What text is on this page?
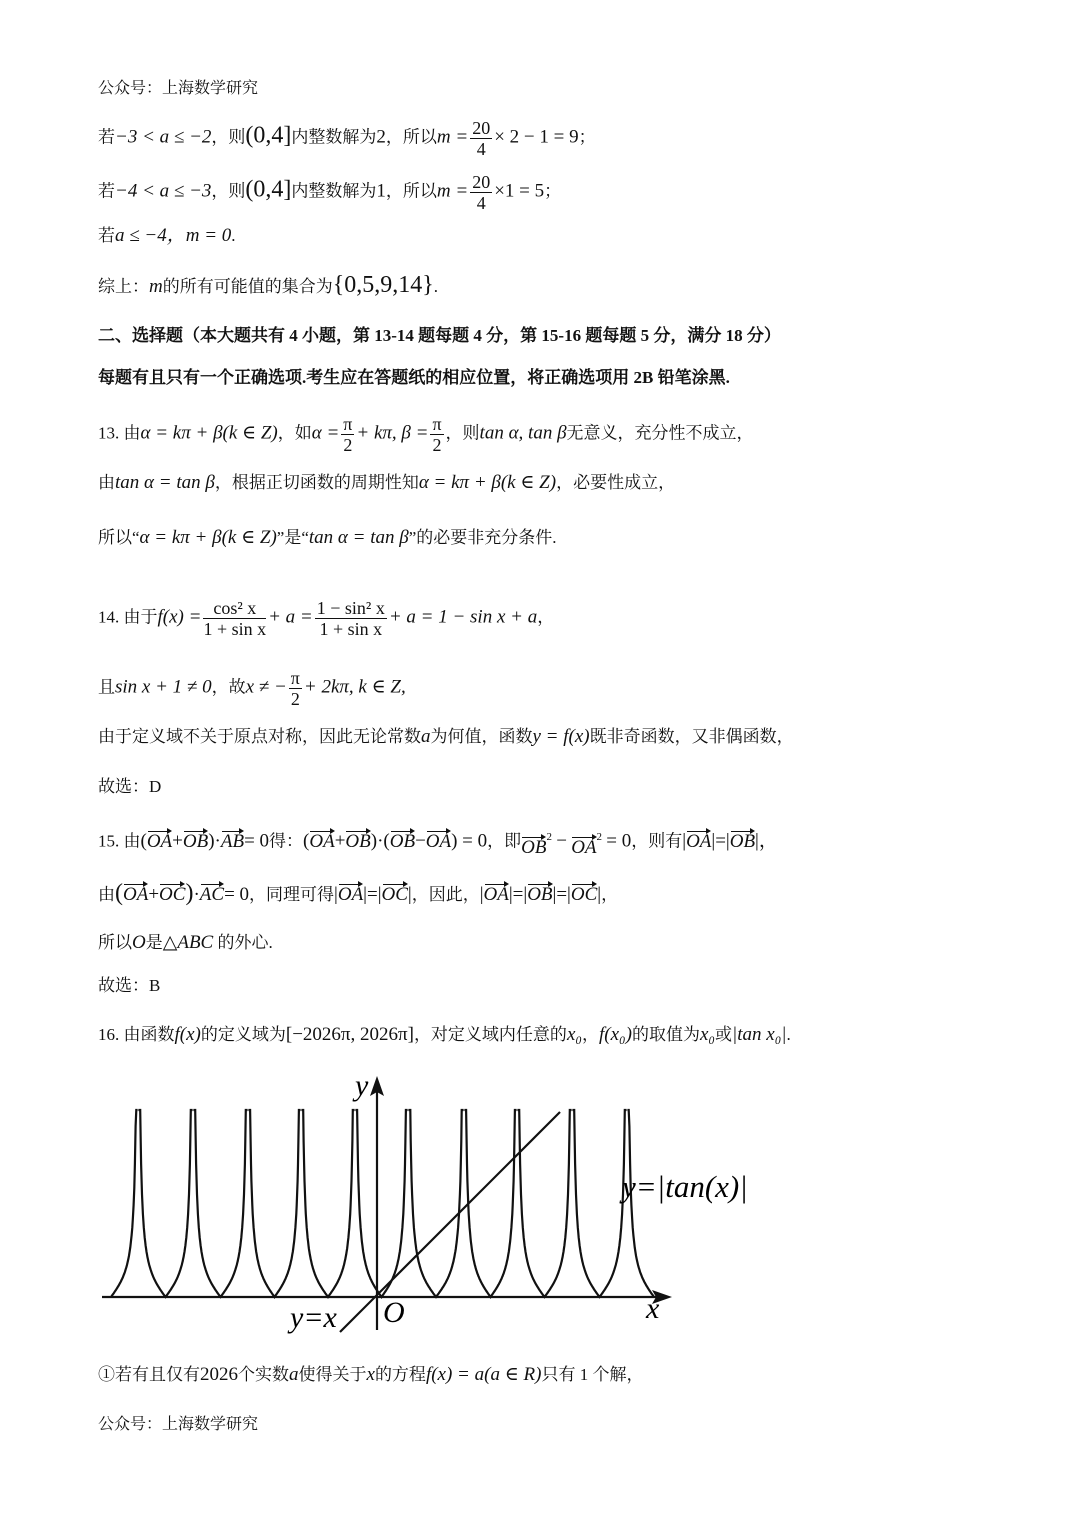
公众号：上海数学研究
若−3 < a ≤ −2，则(0,4]内整数解为2，所以$m = \frac{20}{4} \times 2 - 1 = 9$；
若−4 < a ≤ −3，则(0,4]内整数解为1，所以$m = \frac{20}{4} \times 1 = 5$；
若a ≤ −4，m = 0.
综上：m的所有可能值的集合为{0,5,9,14}.
二、选择题（本大题共有 4 小题，第 13-14 题每题 4 分，第 15-16 题每题 5 分，满分 18 分）
每题有且只有一个正确选项.考生应在答题纸的相应位置，将正确选项用 2B 铅笔涂黑.
13. 由α = kπ + β(k ∈ Z)，如$\alpha = \frac{\pi}{2} + k\pi$, $\beta = \frac{\pi}{2}$ ，则tan α, tan β无意义，充分性不成立，
由tan α = tan β，根据正切函数的周期性知α = kπ + β(k ∈ Z)，必要性成立，
所以“α = kπ + β(k ∈ Z)”是“tan α = tan β”的必要非充分条件.
14. 由于$f(x) = \frac{\text{cos² x}}{\text{1 + sin x}} + a = \frac{\text{1 − sin² x}}{\text{1 + sin x}} + a = 1 - \sin x + a$，
且sin x + 1 ≠ 0，故x ≠ − $\frac{\pi}{2} + 2k\pi$, k ∈ Z,
由于定义域不关于原点对称，因此无论常数a为何值，函数y = f(x)既非奇函数，又非偶函数，
故选：D
15. 由(OA+OB)·AB= 0得：(OA+OB)·(OB−OA) = 0，即$OB^2 - OA^2 = 0$，则有|OA|=|OB|，
由(OA+OC)·AC= 0，同理可得|OA|=|OC|，因此，|OA|=|OB|=|OC|，
所以O是△ABC 的外心.
故选：B
16. 由函数f(x)的定义域为[−2026π, 2026π]，对定义域内任意的x₀，f(x₀)的取值为x₀或|tan x₀|.
y
x
O
y=|tan(x)|
y=x
①若有且仅有2026个实数a使得关于x的方程f(x) = a(a ∈ R)只有 1 个解，
公众号：上海数学研究
